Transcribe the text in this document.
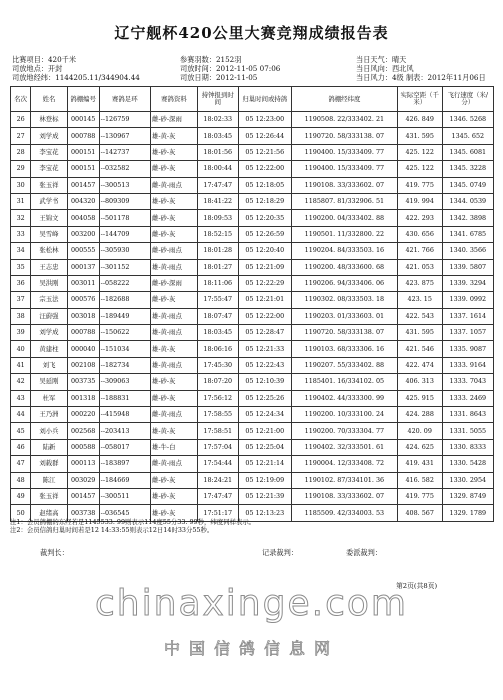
辽宁舰杯420公里大赛竞翔成绩报告表
比赛项目：420千米
司放地点：开封
司放地经纬：1144205.11/344904.44
参赛羽数：2152羽
司放时间：2012-11-05 07:06
司放日期：2012-11-05
当日天气：晴天
当日风向：西北风
当日风力：4级 制表：2012年11月06日
名次	姓名	鸽棚编号	赛鸽足环	赛鸽资料	持钟报到时间	归巢时间或持鸽	鸽棚经纬度	实际空距（千米）	飞行速度（米/分）
26	林登标	000145	--126759	雌-砂-深雨	18:02:33	05 12:23:00	1190508. 22/333402. 21	426. 849	1346. 5268
27	刘学成	000788	--130967	雄-黄-灰	18:03:45	05 12:26:44	1190720. 58/333138. 07	431. 595	1345. 652
28	李宝花	000151	--142737	雄-砂-灰	18:01:56	05 12:21:56	1190400. 15/333409. 77	425. 122	1345. 6081
29	李宝花	000151	--032582	雌-砂-灰	18:00:44	05 12:22:00	1190400. 15/333409. 77	425. 122	1345. 3228
30	张玉祥	001457	--300513	雌-黄-雨点	17:47:47	05 12:18:05	1190108. 33/333602. 07	419. 775	1345. 0749
31	武学书	004320	--809309	雄-砂-灰	18:41:22	05 12:18:29	1185807. 81/332906. 51	419. 994	1344. 0539
32	王锦文	004058	--501178	雌-砂-灰	18:09:53	05 12:20:35	1190200. 04/333402. 88	422. 293	1342. 3898
33	吴雪峰	003200	--144709	雌-砂-灰	18:52:15	05 12:26:59	1190501. 11/332800. 22	430. 656	1341. 6785
34	张松林	000555	--305930	雌-砂-雨点	18:01:28	05 12:20:40	1190204. 84/333503. 16	421. 766	1340. 3566
35	王志忠	000137	--301152	雄-黄-雨点	18:01:27	05 12:21:09	1190200. 48/333600. 68	421. 053	1339. 5807
36	吴洪刚	003011	--058222	雌-砂-深雨	18:11:06	05 12:22:29	1190206. 94/333406. 06	423. 875	1339. 3294
37	宗玉法	000576	--182688	雌-砂-灰	17:55:47	05 12:21:01	1190302. 08/333503. 18	423. 15	1339. 0992
38	汪蔚强	003018	--189449	雄-黄-雨点	18:07:47	05 12:22:00	1190203. 01/333603. 01	422. 543	1337. 1614
39	刘学成	000788	--150622	雄-黄-雨点	18:03:45	05 12:28:47	1190720. 58/333138. 07	431. 595	1337. 1057
40	黄建柱	000040	--151034	雄-黄-灰	18:06:16	05 12:21:33	1190103. 68/333306. 16	421. 546	1335. 9087
41	刘飞	002108	--182734	雄-黄-雨点	17:45:30	05 12:22:43	1190207. 55/333402. 88	422. 474	1333. 9164
42	吴延刚	003735	--309063	雄-砂-灰	18:07:20	05 12:10:39	1185401. 16/334102. 05	406. 313	1333. 7043
43	杜军	001318	--188831	雌-砂-灰	17:56:12	05 12:25:26	1190402. 44/333300. 99	425. 915	1333. 2469
44	王乃洲	000220	--415948	雌-黄-雨点	17:58:55	05 12:24:34	1190200. 10/333100. 24	424. 288	1331. 8643
45	刘小兵	002568	--203413	雄-黄-灰	17:58:51	05 12:21:00	1190200. 70/333304. 77	420. 09	1331. 5055
46	陆新	000588	--058017	雄-牛-白	17:57:04	05 12:25:04	1190402. 32/333501. 61	424. 625	1330. 8333
47	刘载群	000113	--183897	雌-黄-雨点	17:54:44	05 12:21:14	1190004. 12/333408. 72	419. 431	1330. 5428
48	陈江	003029	--184669	雌-砂-灰	18:24:21	05 12:19:09	1190102. 87/334101. 36	416. 582	1330. 2954
49	张玉祥	001457	--300511	雄-砂-灰	17:47:47	05 12:21:39	1190108. 33/333602. 07	419. 775	1329. 8749
50	赵绪高	003738	--036545	雄-砂-灰	17:51:17	05 12:13:23	1185509. 42/334003. 53	408. 567	1329. 1789
注1：会员鸽棚的东经若是1145533. 99则表示114度55分33. 99秒，纬度同样表示。
注2：会员信鸽归巢时间若是12 14:33:55则表示12日14时33分55秒。
裁判长：	记录裁判：	委派裁判：
第2页(共8页)
chinaxinge.com
中国信鸽信息网
